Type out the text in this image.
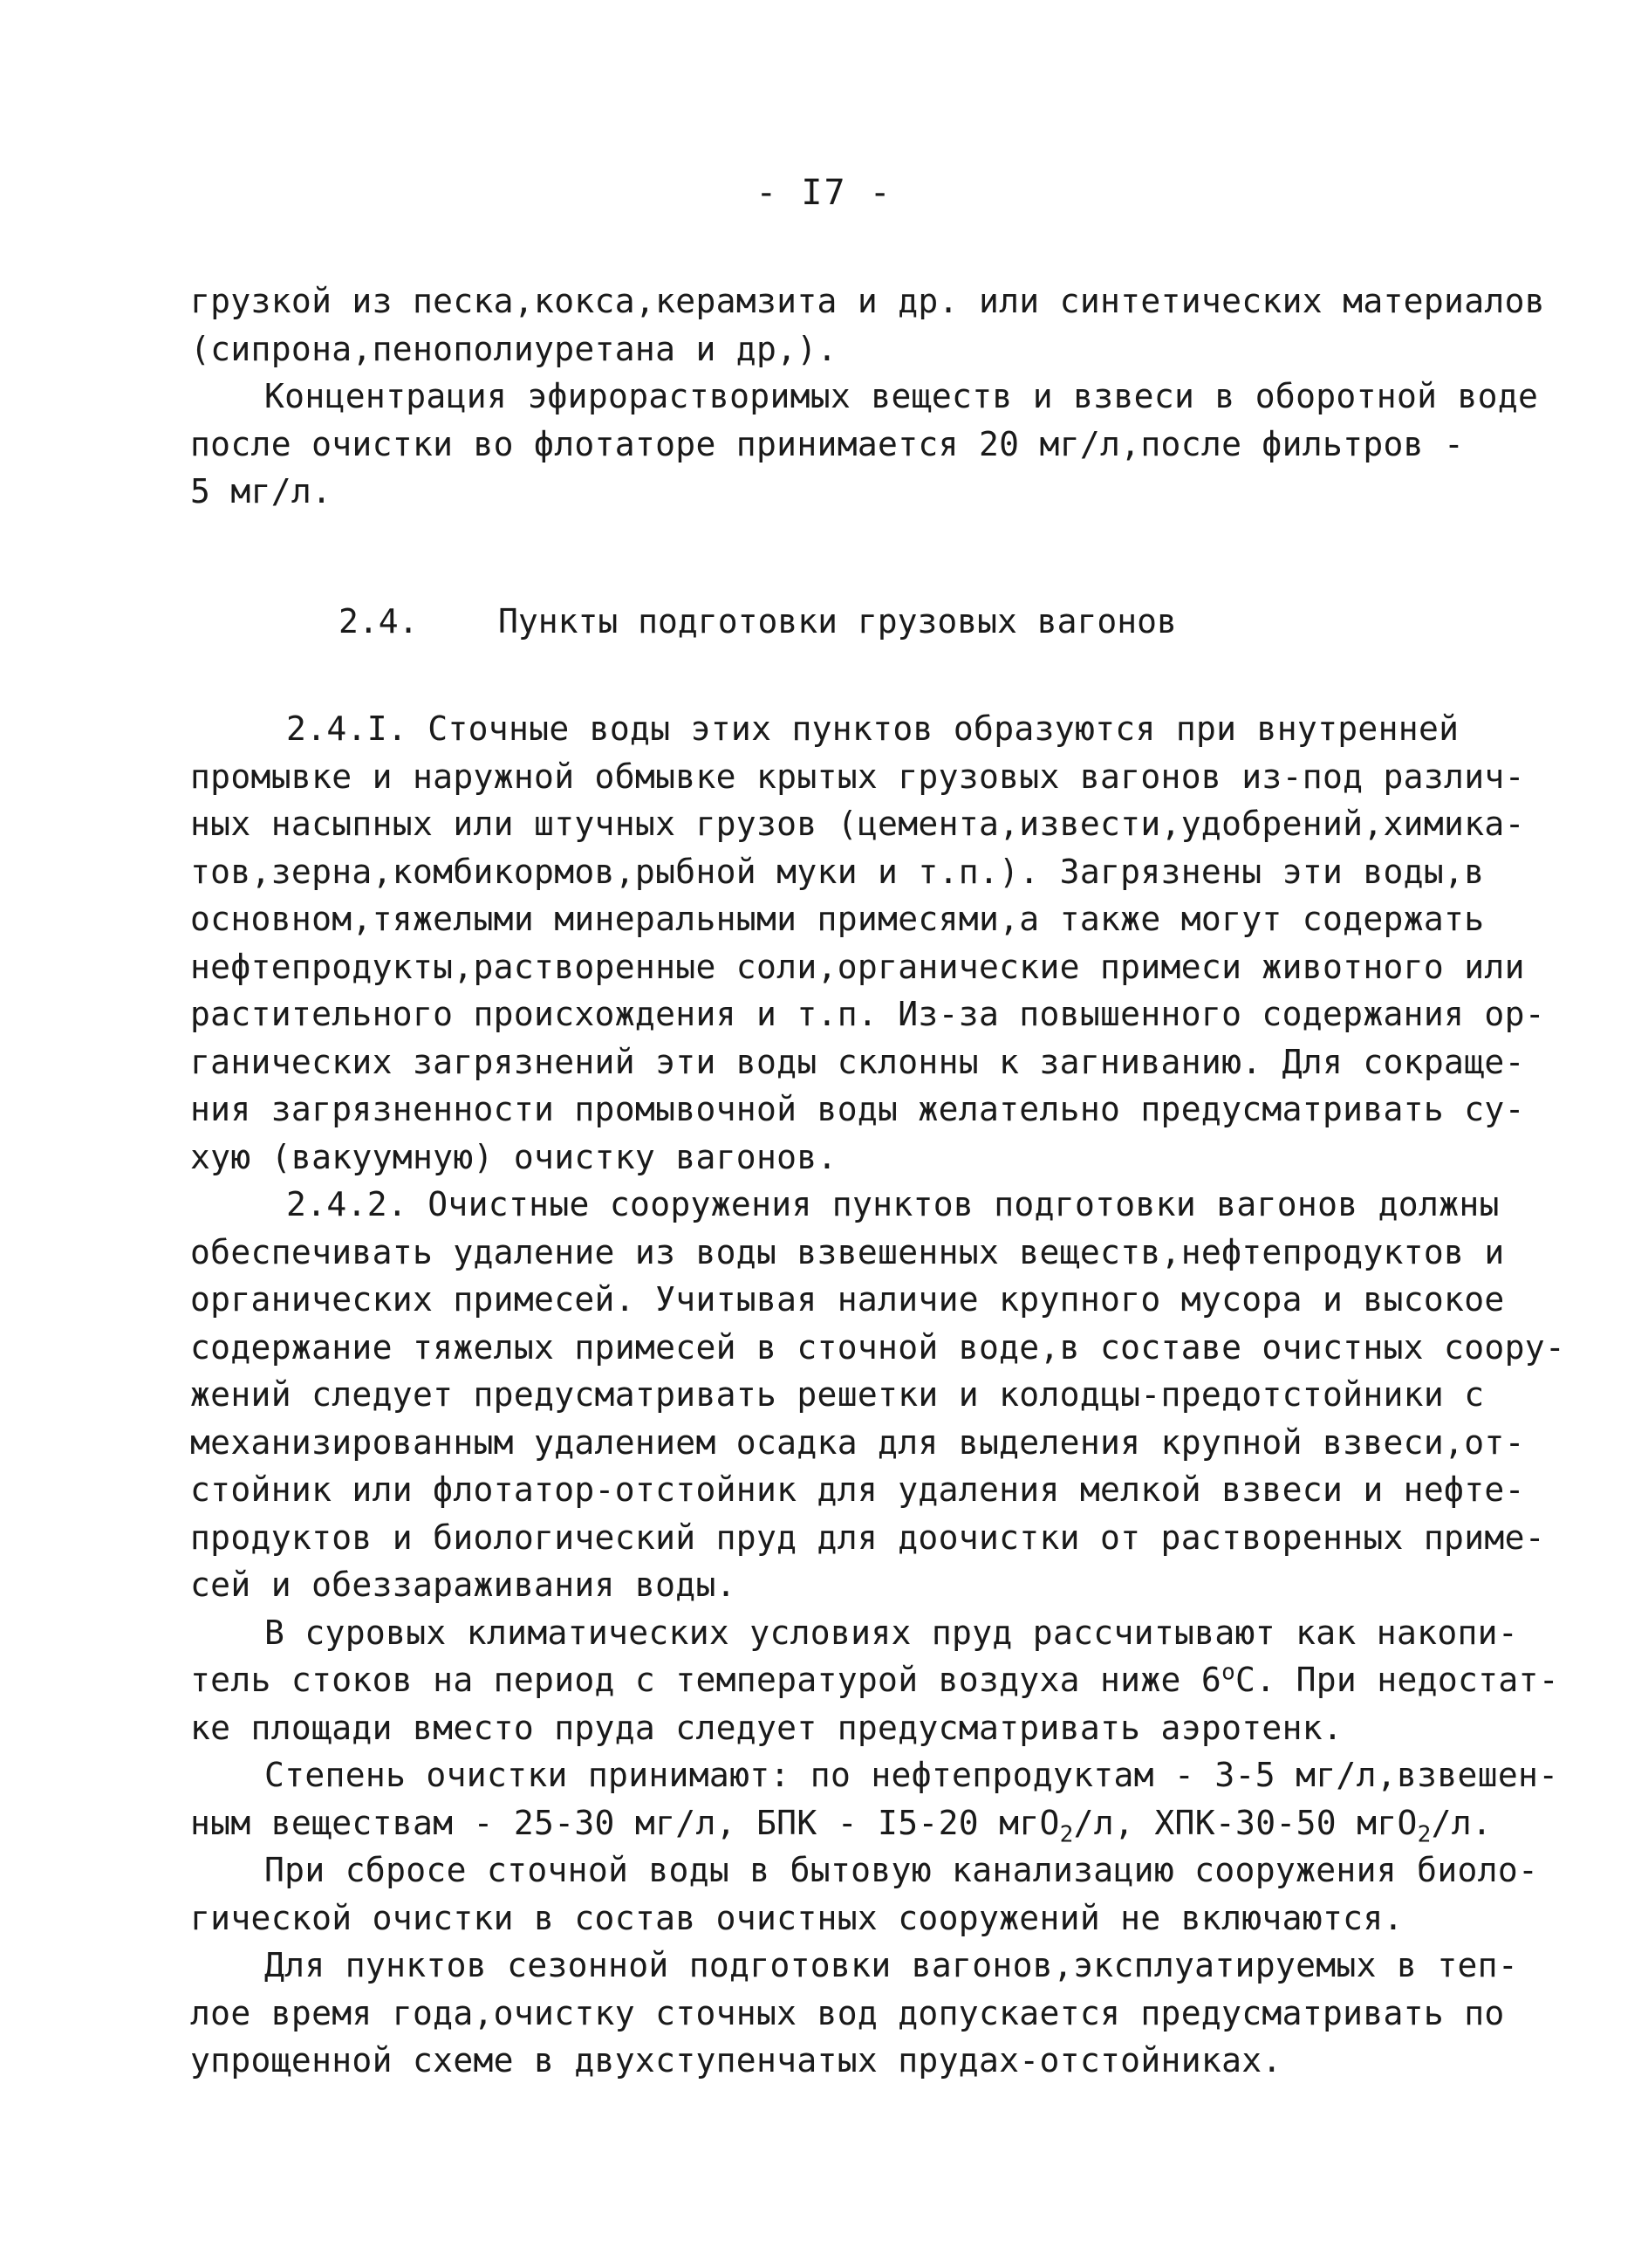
- I7 -
грузкой из песка,кокса,керамзита и др. или синтетических материалов
(сипрона,пенополиуретана и др,).
Концентрация эфирорастворимых веществ и взвеси в оборотной воде
после очистки во флотаторе принимается 20 мг/л,после фильтров -
5 мг/л.
2.4. Пункты подготовки грузовых вагонов
2.4.I. Сточные воды этих пунктов образуются при внутренней
промывке и наружной обмывке крытых грузовых вагонов из-под различ-
ных насыпных или штучных грузов (цемента,извести,удобрений,химика-
тов,зерна,комбикормов,рыбной муки и т.п.). Загрязнены эти воды,в
основном,тяжелыми минеральными примесями,а также могут содержать
нефтепродукты,растворенные соли,органические примеси животного или
растительного происхождения и т.п. Из-за повышенного содержания ор-
ганических загрязнений эти воды склонны к загниванию. Для сокраще-
ния загрязненности промывочной воды желательно предусматривать су-
хую (вакуумную) очистку вагонов.
2.4.2. Очистные сооружения пунктов подготовки вагонов должны
обеспечивать удаление из воды взвешенных веществ,нефтепродуктов и
органических примесей. Учитывая наличие крупного мусора и высокое
содержание тяжелых примесей в сточной воде,в составе очистных соору-
жений следует предусматривать решетки и колодцы-предотстойники с
механизированным удалением осадка для выделения крупной взвеси,от-
стойник или флотатор-отстойник для удаления мелкой взвеси и нефте-
продуктов и биологический пруд для доочистки от растворенных приме-
сей и обеззараживания воды.
В суровых климатических условиях пруд рассчитывают как накопи-
тель стоков на период с температурой воздуха ниже 6$^o$С. При недостат-
ке площади вместо пруда следует предусматривать аэротенк.
Степень очистки принимают: по нефтепродуктам - 3-5 мг/л,взвешен-
ным веществам - 25-30 мг/л, БПК - I5-20 мгО$_2$/л, ХПК-30-50 мгО$_2$/л.
При сбросе сточной воды в бытовую канализацию сооружения биоло-
гической очистки в состав очистных сооружений не включаются.
Для пунктов сезонной подготовки вагонов,эксплуатируемых в теп-
лое время года,очистку сточных вод допускается предусматривать по
упрощенной схеме в двухступенчатых прудах-отстойниках.
